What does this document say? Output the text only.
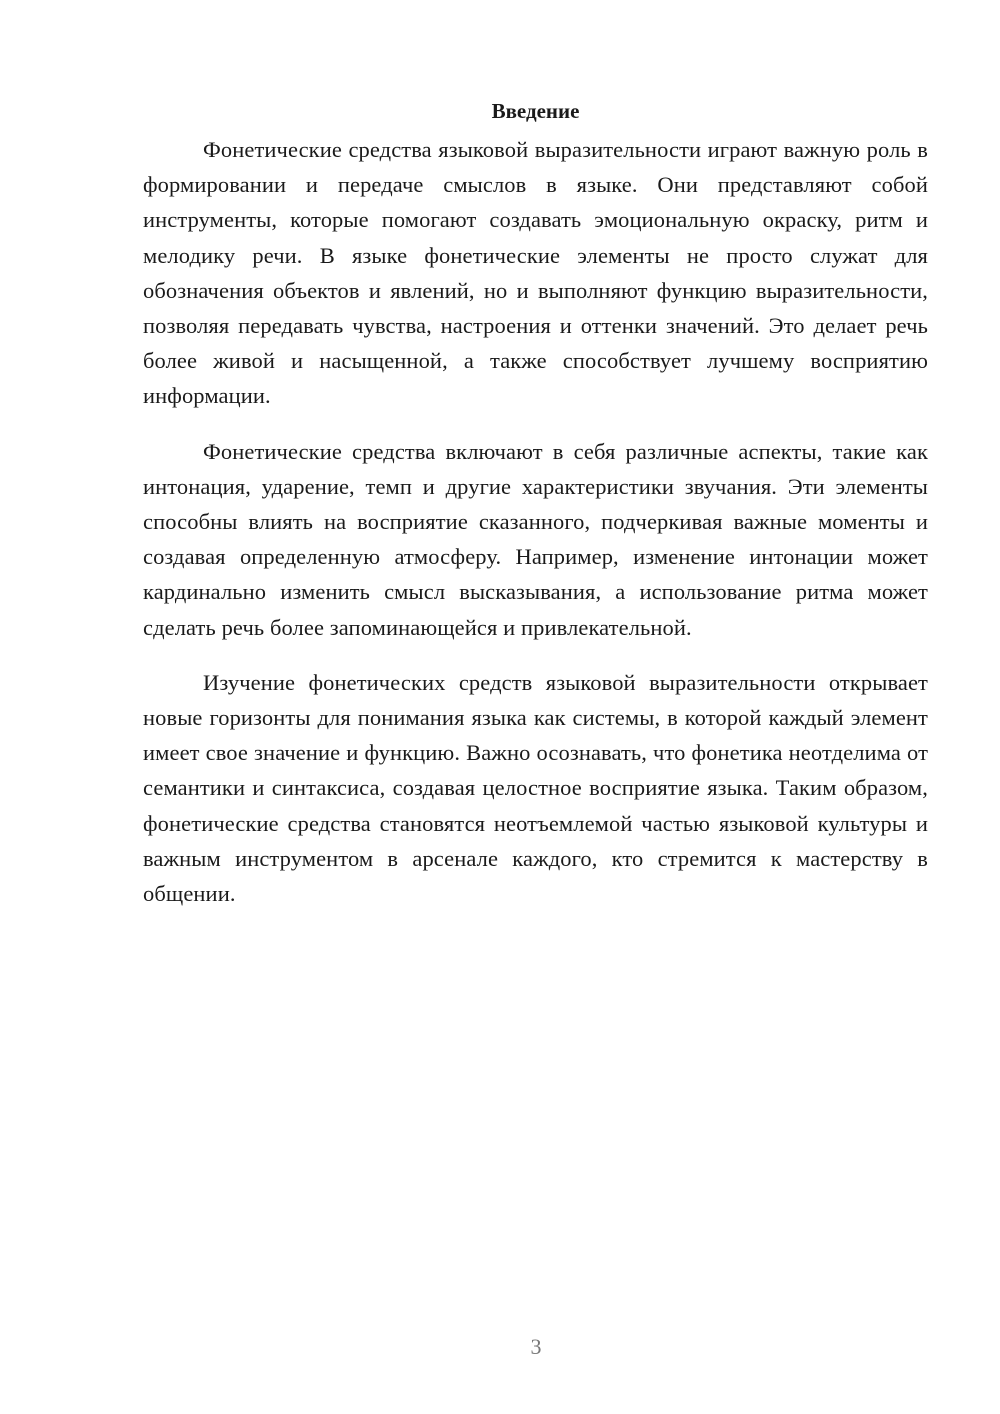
Введение

Фонетические средства языковой выразительности играют важную роль в формировании и передаче смыслов в языке. Они представляют собой инструменты, которые помогают создавать эмоциональную окраску, ритм и мелодику речи. В языке фонетические элементы не просто служат для обозначения объектов и явлений, но и выполняют функцию выразительности, позволяя передавать чувства, настроения и оттенки значений. Это делает речь более живой и насыщенной, а также способствует лучшему восприятию информации.

Фонетические средства включают в себя различные аспекты, такие как интонация, ударение, темп и другие характеристики звучания. Эти элементы способны влиять на восприятие сказанного, подчеркивая важные моменты и создавая определенную атмосферу. Например, изменение интонации может кардинально изменить смысл высказывания, а использование ритма может сделать речь более запоминающейся и привлекательной.

Изучение фонетических средств языковой выразительности открывает новые горизонты для понимания языка как системы, в которой каждый элемент имеет свое значение и функцию. Важно осознавать, что фонетика неотделима от семантики и синтаксиса, создавая целостное восприятие языка. Таким образом, фонетические средства становятся неотъемлемой частью языковой культуры и важным инструментом в арсенале каждого, кто стремится к мастерству в общении.

3
